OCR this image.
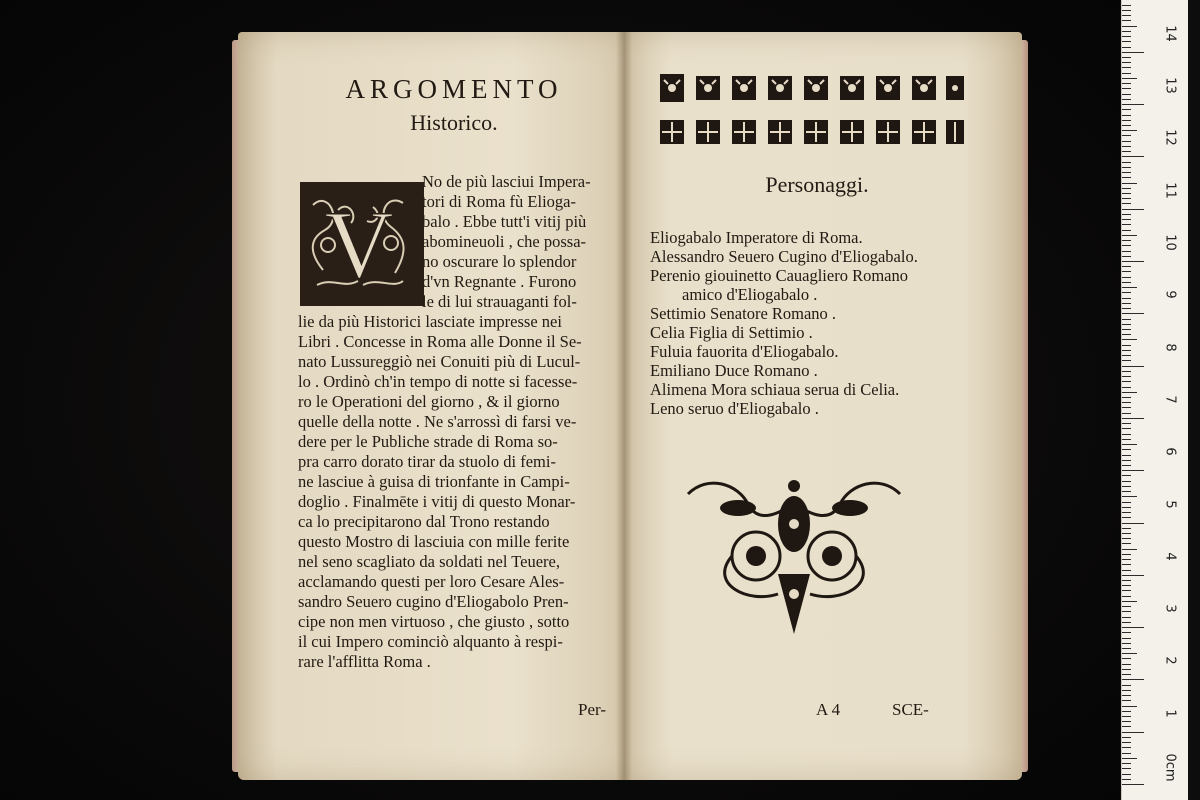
ARGOMENTO
Historico.
V
Per-
No de più lasciui Impera-
tori di Roma fù Eliogа-
balo . Ebbe tutt'i vitij più
abomineuoli , che possa-
no oscurare lo splendor
d'vn Regnante . Furono
le di lui strauaganti fol-
lie da più Historici lasciate impresse nei
Libri . Concesse in Roma alle Donne il Se-
nato Lussureggiò nei Conuiti più di Lucul-
lo . Ordinò ch'in tempo di notte si facesse-
ro le Operationi del giorno , & il giorno
quelle della notte . Ne s'arrossì di farsi ve-
dere per le Publiche strade di Roma so-
pra carro dorato tirar da stuolo di femi-
ne lasciue à guisa di trionfante in Campi-
doglio . Finalmēte i vitij di questo Monar-
ca lo precipitarono dal Trono restando
questo Mostro di lasciuia con mille ferite
nel seno scagliato da soldati nel Teuere,
acclamando questi per loro Cesare Ales-
sandro Seuero cugino d'Eliogabolo Pren-
cipe non men virtuoso , che giusto , sotto
il cui Impero cominciò alquanto à respi-
rare l'afflitta Roma .
Personaggi.
Eliogabalo Imperatore di Roma.
Alessandro Seuero Cugino d'Eliogabalo.
Perenio giouinetto Cauagliero Romano
amico d'Eliogabalo .
Settimio Senatore Romano .
Celia Figlia di Settimio .
Fuluia fauorita d'Eliogabalo.
Emiliano Duce Romano .
Alimena Mora schiaua serua di Celia.
Leno seruo d'Eliogabalo .
A 4	SCE-
0cm
1
2
3
4
5
6
7
8
9
10
11
12
13
14
